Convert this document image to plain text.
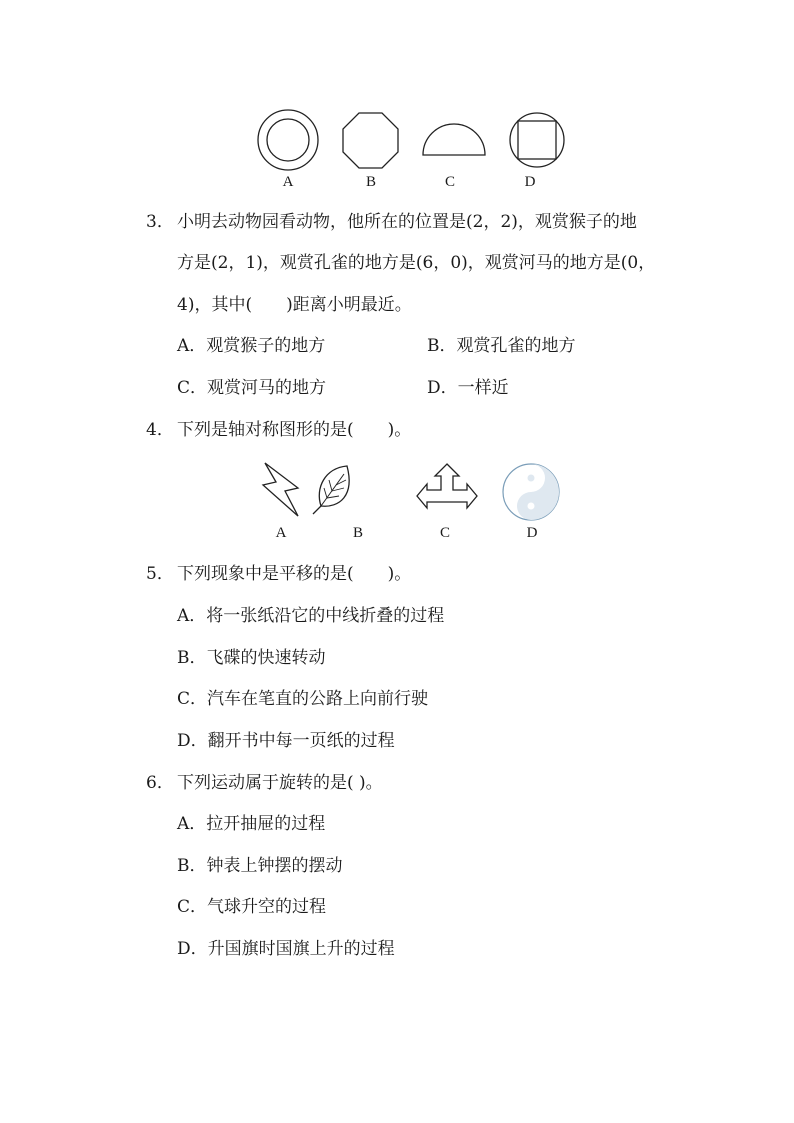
A	B	C	D
3． 小明去动物园看动物，他所在的位置是(2，2)，观赏猴子的地
方是(2，1)，观赏孔雀的地方是(6，0)，观赏河马的地方是(0，
4)，其中(　　)距离小明最近。
A．观赏猴子的地方	B．观赏孔雀的地方
C．观赏河马的地方	D．一样近
4． 下列是轴对称图形的是(　　)。
A	B	C	D
5． 下列现象中是平移的是(　　)。
A．将一张纸沿它的中线折叠的过程
B．飞碟的快速转动
C．汽车在笔直的公路上向前行驶
D．翻开书中每一页纸的过程
6． 下列运动属于旋转的是( )。
A．拉开抽屉的过程
B．钟表上钟摆的摆动
C．气球升空的过程
D．升国旗时国旗上升的过程
